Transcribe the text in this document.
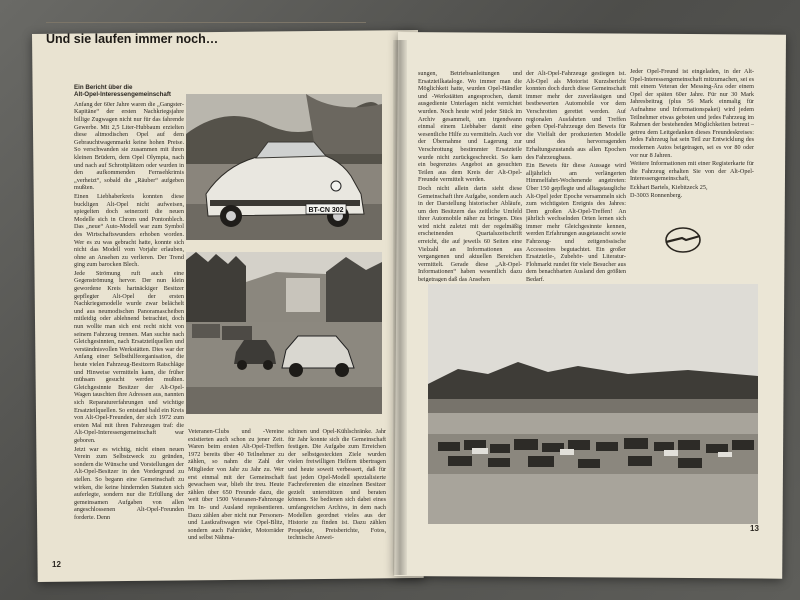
Und sie laufen immer noch…
Ein Bericht über die
Alt-Opel-Interessengemeinschaft

Anfang der 60er Jahre waren die „Gangster-Kapitäne“ der ersten Nachkriegsjahre billige Zugwagen nicht nur für das fahrende Gewerbe. Mit 2,5 Liter-Hubbaum erzielten diese altmodischen Opel auf dem Gebrauchtwagenmarkt keine hohen Preise. So verschwanden sie zusammen mit ihren kleinen Brüdern, dem Opel Olympia, nach und nach auf Schrottplätzen oder wurden in den aufkommenden Fernsehkrimis „verheizt“, sobald die „Räuber“ aufgeben mußten.

Einen Liebhaberkreis konnten diese buckligen Alt-Opel nicht aufweisen, spiegelten doch seinerzeit die neuen Modelle sich in Chrom und Pontonblech. Das „neue“ Auto-Modell war zum Symbol des Wirtschaftswunders erhoben worden. Wer es zu was gebracht hatte, konnte sich nicht das Modell vom Vorjahr erlauben, ohne an Ansehen zu verlieren. Der Trend ging zum barocken Blech.

Jede Strömung ruft auch eine Gegenströmung hervor. Der nun klein gewordene Kreis hartnäckiger Besitzer gepflegter Alt-Opel der ersten Nachkriegsmodelle wurde zwar belächelt und aus neumodischen Panoramascheiben mitleidig oder ablehnend betrachtet, doch nun wollte man sich erst recht nicht von seinem Fahrzeug trennen. Man suchte nach Gleichgesinnten, nach Ersatzteilquellen und verständnisvollen Werkstätten. Dies war der Anfang einer Selbsthilfeorganisation, die heute vielen Fahrzeug-Besitzern Ratschläge und Hinweise vermitteln kann, die früher mühsam gesucht werden mußten. Gleichgesinnte Besitzer der Alt-Opel-Wagen tauschten ihre Adressen aus, nannten sich Reparaturerfahrungen und wichtige Ersatzteilquellen. So entstand bald ein Kreis von Alt-Opel-Freunden, der sich 1972 zum ersten Mal mit ihren Fahrzeugen traf: die Alt-Opel-Interessengemeinschaft war geboren.

Jetzt war es wichtig, nicht einen neuen Verein zum Selbstzweck zu gründen, sondern die Wünsche und Vorstellungen der Alt-Opel-Besitzer in den Vordergrund zu stellen. So begann eine Gemeinschaft zu wirken, die keine hindernden Statuten sich auferlegte, sondern nur die Erfüllung der gemeinsamen Aufgaben von allen angeschlossenen Alt-Opel-Freunden forderte. Denn

BT-CN 302

Veteranen-Clubs und -Vereine existierten auch schon zu jener Zeit. Waren beim ersten Alt-Opel-Treffen 1972 bereits über 40 Teilnehmer zu zählen, so nahm die Zahl der Mitglieder von Jahr zu Jahr zu. Wer erst einmal mit der Gemeinschaft gewachsen war, blieb ihr treu. Heute zählen über 650 Freunde dazu, die weit über 1500 Veteranen-Fahrzeuge im In- und Ausland repräsentieren. Dazu zählen aber nicht nur Personen- und Lastkraftwagen wie Opel-Blitz, sondern auch Fahrräder, Motorräder und selbst Nähma-

schinen und Opel-Kühlschränke. Jahr für Jahr konnte sich die Gemeinschaft festigen. Die Aufgabe zum Erreichen der selbstgesteckten Ziele wurden vielen freiwilligen Helfern übertragen und heute soweit verbessert, daß für fast jeden Opel-Modell spezialisierte Fachreferenten die einzelnen Besitzer gezielt unterstützen und beraten können. Sie bedienen sich dabei eines umfangreichen Archivs, in dem nach Modellen geordnet vieles aus der Historie zu finden ist. Dazu zählen Prospekte, Preisberichte, Fotos, technische Anwei-

12

sungen, Betriebsanleitungen und Ersatzteilkataloge. Wo immer man die Möglichkeit hatte, wurden Opel-Händler und -Werkstätten angesprochen, damit ausgediente Unterlagen nicht vernichtet wurden. Noch heute wird jeder Stück im Archiv gesammelt, um irgendwann einmal einem Liebhaber damit eine wesentliche Hilfe zu vermitteln. Auch vor der Übernahme und Lagerung zur Verschrottung bestimmter Ersatzteile wurde nicht zurückgeschreckt. So kam ein begrenztes Angebot an gesuchten Teilen aus dem Kreis der Alt-Opel-Freunde vermittelt werden.

Doch nicht allein darin sieht diese Gemeinschaft ihre Aufgabe, sondern auch in der Darstellung historischer Abläufe, um den Besitzern das zeitliche Umfeld ihrer Automobile näher zu bringen. Dies wird nicht zuletzt mit der regelmäßig erscheinenden Quartalszeitschrift erreicht, die auf jeweils 60 Seiten eine Vielzahl an Informationen aus vergangenen und aktuellen Bereichen vermittelt. Gerade diese „Alt-Opel-Informationen“ haben wesentlich dazu beigetragen daß das Ansehen

der Alt-Opel-Fahrzeuge gestiegen ist. Alt-Opel als Motorist Kurzsbericht konnten doch durch diese Gemeinschaft immer mehr der zuverlässigen und bestbewerten Automobile vor dem Verschrotten gerettet werden. Auf regionalen Ausfahrten und Treffen geben Opel-Fahrzeuge den Beweis für die Vielfalt der produzierten Modelle und des hervorragenden Erhaltungszustands aus allen Epochen des Fahrzeugbaus.

Ein Beweis für diese Aussage wird alljährlich am verlängerten Himmelfahrt-Wochenende angetreten: Über 150 gepflegte und alltagstaugliche Alt-Opel jeder Epoche versammeln sich zum wichtigsten Ereignis des Jahres: Dem großen Alt-Opel-Treffen! An jährlich wechselnden Orten lernen sich immer mehr Gleichgesinnte kennen, werden Erfahrungen ausgetauscht sowie Fahrzeug- und zeitgenössische Accessoires begutachtet. Ein großer Ersatzteile-, Zubehör- und Literatur-Flohmarkt rundet für viele Besucher aus dem benachbarten Ausland den größten Bedarf.

Jeder Opel-Freund ist eingeladen, in der Alt-Opel-Interessengemeinschaft mitzumachen, sei es mit einem Veteran der Messing-Ära oder einem Opel der späten 60er Jahre. Für nur 30 Mark Jahresbeitrag (plus 56 Mark einmalig für Aufnahme und Informationspaket) wird jedem Teilnehmer etwas geboten und jedes Fahrzeug im Rahmen der bestehenden Möglichkeiten betreut – getreu dem Leitgedanken dieses Freundeskreises: Jedes Fahrzeug hat sein Teil zur Entwicklung des modernen Autos beigetragen, sei es vor 80 oder vor nur 8 Jahren.

Weitere Informationen mit einer Registerkarte für die Fahrzeug erhalten Sie von der Alt-Opel-Interessengemeinschaft,

Eckhart Bartels, Kiebitzeck 25,
D-3003 Ronnenberg.
13
